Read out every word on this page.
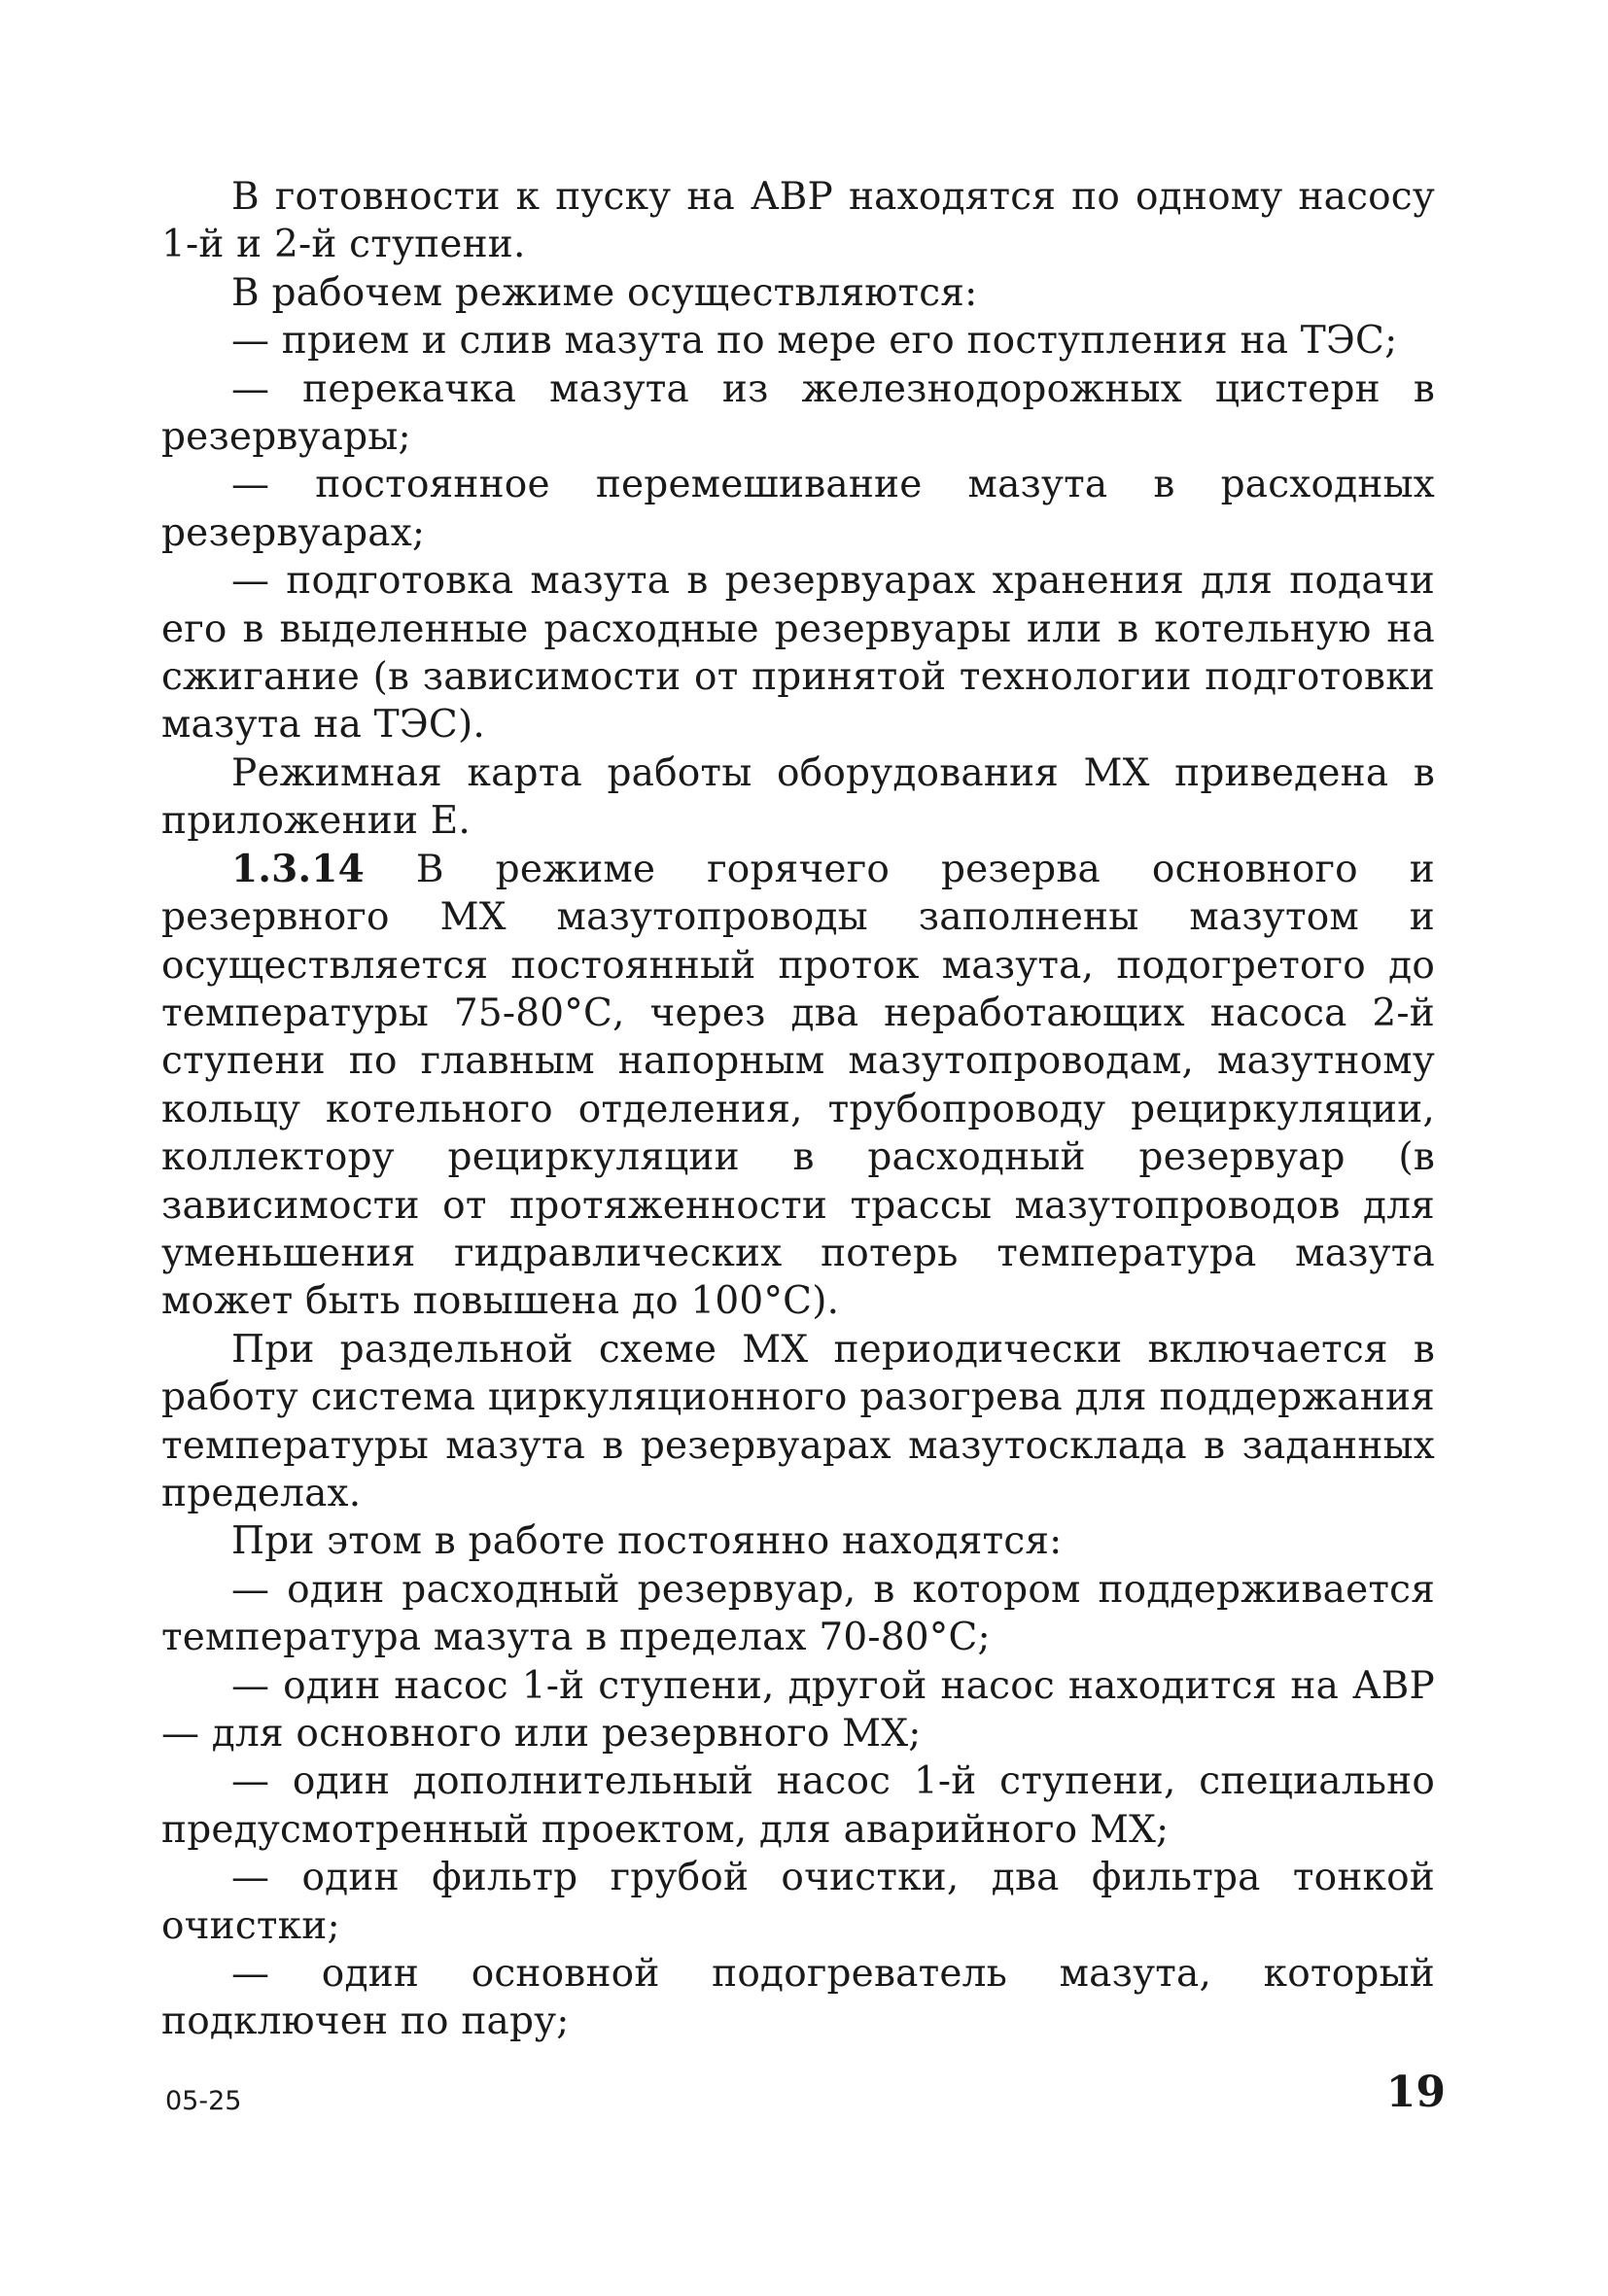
В готовности к пуску на АВР находятся по одному насосу 1-й и 2-й ступени.

В рабочем режиме осуществляются:

— прием и слив мазута по мере его поступления на ТЭС;

— перекачка мазута из железнодорожных цистерн в резервуары;

— постоянное перемешивание мазута в расходных резервуарах;

— подготовка мазута в резервуарах хранения для подачи его в выделенные расходные резервуары или в котельную на сжигание (в зависимости от принятой технологии подготовки мазута на ТЭС).

Режимная карта работы оборудования МХ приведена в приложении Е.

1.3.14 В режиме горячего резерва основного и резервного МХ мазутопроводы заполнены мазутом и осуществляется постоянный проток мазута, подогретого до температуры 75-80°С, через два неработающих насоса 2-й ступени по главным напорным мазутопроводам, мазутному кольцу котельного отделения, трубопроводу рециркуляции, коллектору рециркуляции в расходный резервуар (в зависимости от протяженности трассы мазутопроводов для уменьшения гидравлических потерь температура мазута может быть повышена до 100°С).

При раздельной схеме МХ периодически включается в работу система циркуляционного разогрева для поддержания температуры мазута в резервуарах мазутосклада в заданных пределах.

При этом в работе постоянно находятся:

— один расходный резервуар, в котором поддерживается температура мазута в пределах 70-80°С;

— один насос 1-й ступени, другой насос находится на АВР — для основного или резервного МХ;

— один дополнительный насос 1-й ступени, специально предусмотренный проектом, для аварийного МХ;

— один фильтр грубой очистки, два фильтра тонкой очистки;

— один основной подогреватель мазута, который подключен по пару;

05-25	19
